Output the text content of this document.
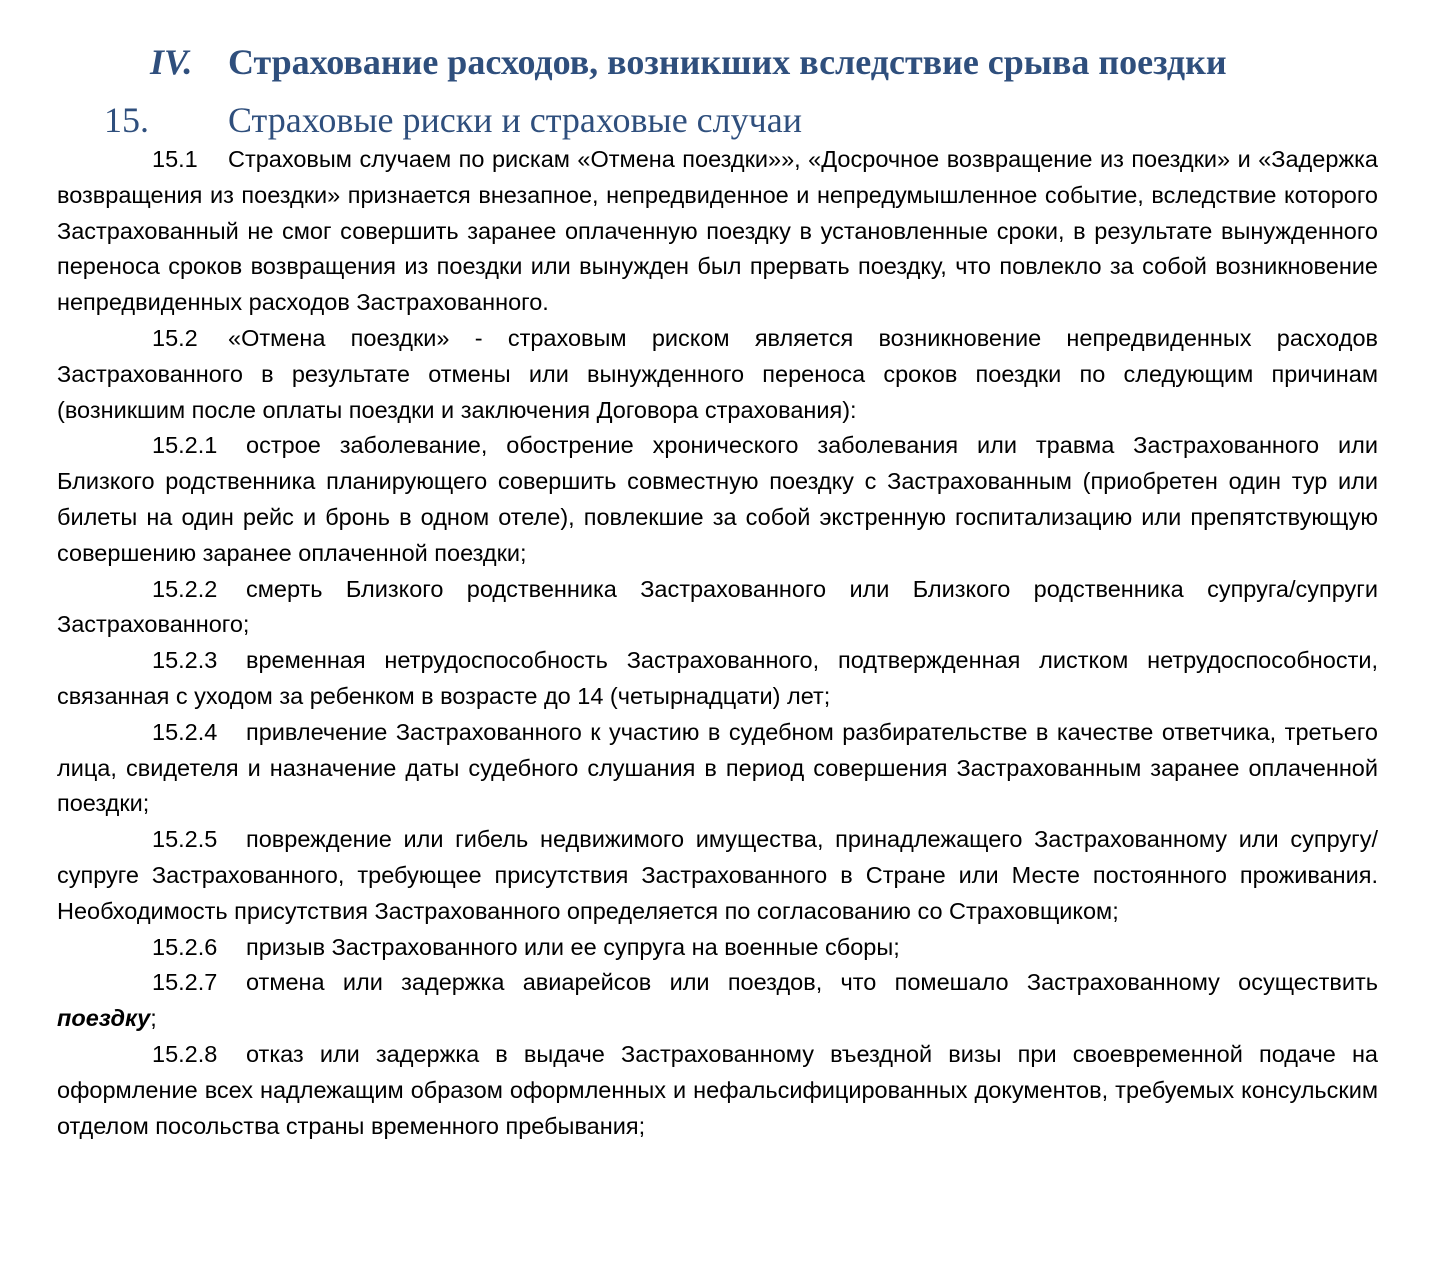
IV. Страхование расходов, возникших вследствие срыва поездки
15. Страховые риски и страховые случаи

15.1 Страховым случаем по рискам «Отмена поездки»», «Досрочное возвращение из поездки» и «Задержка возвращения из поездки» признается внезапное, непредвиденное и непредумышленное событие, вследствие которого Застрахованный не смог совершить заранее оплаченную поездку в установленные сроки, в результате вынужденного переноса сроков возвращения из поездки или вынужден был прервать поездку, что повлекло за собой возникновение непредвиденных расходов Застрахованного.

15.2 «Отмена поездки» - страховым риском является возникновение непредвиденных расходов Застрахованного в результате отмены или вынужденного переноса сроков поездки по следующим причинам (возникшим после оплаты поездки и заключения Договора страхования):

15.2.1 острое заболевание, обострение хронического заболевания или травма Застрахованного или Близкого родственника планирующего совершить совместную поездку с Застрахованным (приобретен один тур или билеты на один рейс и бронь в одном отеле), повлекшие за собой экстренную госпитализацию или препятствующую совершению заранее оплаченной поездки;

15.2.2 смерть Близкого родственника Застрахованного или Близкого родственника супруга/супруги Застрахованного;

15.2.3 временная нетрудоспособность Застрахованного, подтвержденная листком нетрудоспособности, связанная с уходом за ребенком в возрасте до 14 (четырнадцати) лет;

15.2.4 привлечение Застрахованного к участию в судебном разбирательстве в качестве ответчика, третьего лица, свидетеля и назначение даты судебного слушания в период совершения Застрахованным заранее оплаченной поездки;

15.2.5 повреждение или гибель недвижимого имущества, принадлежащего Застрахованному или супругу/супруге Застрахованного, требующее присутствия Застрахованного в Стране или Месте постоянного проживания. Необходимость присутствия Застрахованного определяется по согласованию со Страховщиком;

15.2.6 призыв Застрахованного или ее супруга на военные сборы;

15.2.7 отмена или задержка авиарейсов или поездов, что помешало Застрахованному осуществить поездку;

15.2.8 отказ или задержка в выдаче Застрахованному въездной визы при своевременной подаче на оформление всех надлежащим образом оформленных и нефальсифицированных документов, требуемых консульским отделом посольства страны временного пребывания;
